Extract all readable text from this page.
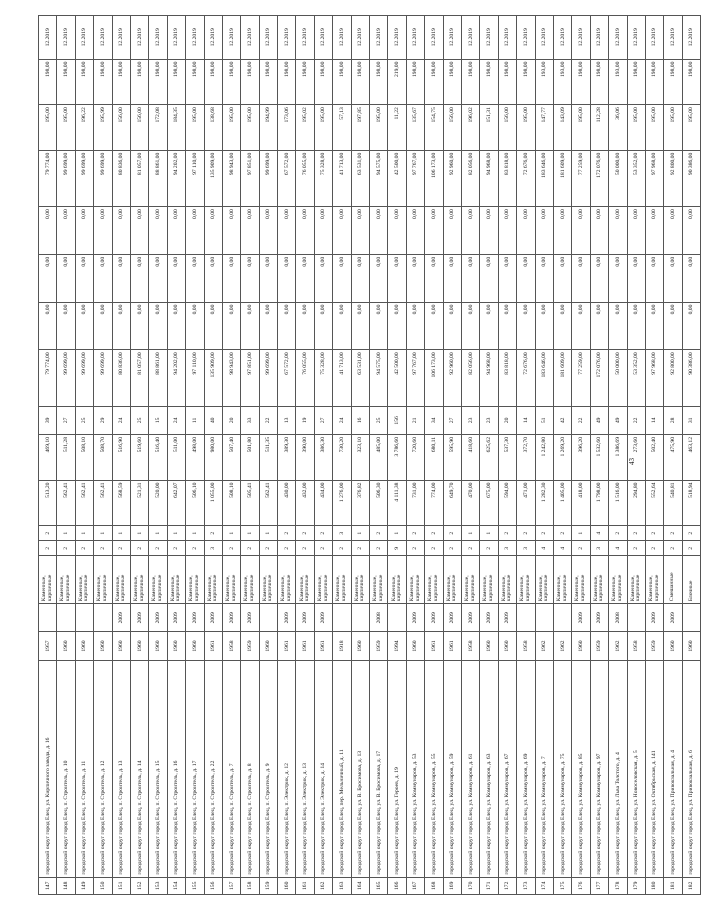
147	городской округ город Елец, ул. Кирпичного завода, д. 16	1957		Каменные, кирпичные	2	2	513,20	469,10	39	79 774,00	0,00	0,00	0,00	79 774,00	195,00	198,00	12.2019
148	городской округ город Елец, п. Строитель, д. 10	1960		Каменные, кирпичные	2	1	562,41	511,28	27	99 699,00	0,00	0,00	0,00	99 699,00	195,00	198,00	12.2019
149	городской округ город Елец, п. Строитель, д. 11	1960		Каменные, кирпичные	2	1	562,41	508,10	25	99 699,00	0,00	0,00	0,00	99 699,00	196,22	198,00	12.2019
150	городской округ город Елец, п. Строитель, д. 12	1960		Каменные, кирпичные	2	1	562,41	508,70	29	99 699,00	0,00	0,00	0,00	99 699,00	195,99	198,00	12.2019
151	городской округ город Елец, п. Строитель, д. 13	1960	2009	Каменные, кирпичные	2	1	568,59	516,90	24	80 836,00	0,00	0,00	0,00	80 836,00	156,00	198,00	12.2019
152	городской округ город Елец, п. Строитель, д. 14	1960	2009	Каменные, кирпичные	2	1	521,31	519,60	25	81 057,00	0,00	0,00	0,00	81 057,00	156,00	198,00	12.2019
153	городской округ город Елец, п. Строитель, д. 15	1960	2009	Каменные, кирпичные	2	1	520,00	516,40	15	88 861,00	0,00	0,00	0,00	88 861,00	172,08	198,00	12.2019
154	городской округ город Елец, п. Строитель, д. 16	1960	2009	Каменные, кирпичные	2	1	642,07	511,00	24	94 202,00	0,00	0,00	0,00	94 202,00	184,35	198,00	12.2019
155	городской округ город Елец, п. Строитель, д. 17	1960	2009	Каменные, кирпичные	2	1	506,10	498,00	11	97 110,00	0,00	0,00	0,00	97 110,00	195,00	198,00	12.2019
156	городской округ город Елец, п. Строитель, д. 22	1961	2009	Каменные, кирпичные	3	2	1 055,00	980,00	40	135 909,00	0,00	0,00	0,00	135 909,00	138,68	198,00	12.2019
157	городской округ город Елец, п. Строитель, д. 7	1958	2009	Каменные, кирпичные	2	1	508,10	507,40	20	98 943,00	0,00	0,00	0,00	98 943,00	195,00	198,00	12.2019
158	городской округ город Елец, п. Строитель, д. 8	1959	2009	Каменные, кирпичные	2	1	505,41	501,80	33	97 851,00	0,00	0,00	0,00	97 851,00	195,00	198,00	12.2019
159	городской округ город Елец, п. Строитель, д. 9	1960		Каменные, кирпичные	2	1	562,41	511,35	22	99 699,00	0,00	0,00	0,00	99 699,00	194,99	198,00	12.2019
160	городской округ город Елец, п. Электрик, д. 12	1961	2009	Каменные, кирпичные	2	2	430,00	389,30	13	67 572,00	0,00	0,00	0,00	67 572,00	173,06	198,00	12.2019
161	городской округ город Елец, п. Электрик, д. 13	1961	2009	Каменные, кирпичные	2	2	432,00	390,00	19	76 055,00	0,00	0,00	0,00	76 055,00	195,02	198,00	12.2019
162	городской округ город Елец, п. Электрик, д. 14	1961	2009	Каменные, кирпичные	2	2	434,00	386,30	27	75 328,00	0,00	0,00	0,00	75 328,00	195,00	198,00	12.2019
163	городской округ город Елец, пер. Мельничный, д. 11	1918		Каменные, кирпичные	2	3	1 276,00	730,20	24	41 713,00	0,00	0,00	0,00	41 713,00	57,13	198,00	12.2019
164	городской округ город Елец, ул. В. Бросимова, д. 13	1960		Каменные, кирпичные	2	1	376,82	323,10	16	63 531,00	0,00	0,00	0,00	63 531,00	197,85	198,00	12.2019
165	городской округ город Елец, ул. В. Бросимова, д. 17	1959	2008	Каменные, кирпичные	2	2	506,30	485,00	25	94 575,00	0,00	0,00	0,00	94 575,00	195,00	198,00	12.2019
166	городской округ город Елец, ул. Героев, д. 19	1994		Каменные, кирпичные	9	1	4 111,38	3 786,60	156	42 500,00	0,00	0,00	0,00	42 500,00	11,22	219,00	12.2019
167	городской округ город Елец, ул. Коммунаров, д. 53	1960	2009	Каменные, кирпичные	2	2	731,00	720,60	21	97 767,00	0,00	0,00	0,00	97 767,00	135,67	198,00	12.2019
168	городской округ город Елец, ул. Коммунаров, д. 55	1961	2009	Каменные, кирпичные	2	2	774,00	680,11	34	106 173,00	0,00	0,00	0,00	106 173,00	154,75	198,00	12.2019
169	городской округ город Елец, ул. Коммунаров, д. 59	1961	2009	Каменные, кирпичные	2	2	649,70	595,90	27	92 960,00	0,00	0,00	0,00	92 960,00	156,00	198,00	12.2019
170	городской округ город Елец, ул. Коммунаров, д. 61	1958	2009	Каменные, кирпичные	2	1	470,00	418,60	23	82 056,00	0,00	0,00	0,00	82 056,00	196,02	198,00	12.2019
171	городской округ город Елец, ул. Коммунаров, д. 63	1960	2009	Каменные, кирпичные	2	1	675,00	625,62	23	94 968,00	0,00	0,00	0,00	94 968,00	151,31	198,00	12.2019
172	городской округ город Елец, ул. Коммунаров, д. 67	1960	2009	Каменные, кирпичные	3	2	594,00	537,30	20	83 818,00	0,00	0,00	0,00	83 818,00	156,00	198,00	12.2019
173	городской округ город Елец, ул. Коммунаров, д. 69	1958		Каменные, кирпичные	3	2	471,00	372,70	14	72 676,00	0,00	0,00	0,00	72 676,00	195,00	198,00	12.2019
174	городской округ город Елец, ул. Коммунаров, д. 7	1962		Каменные, кирпичные	4	2	1 282,30	1 242,80	51	183 646,00	0,00	0,00	0,00	183 646,00	147,77	193,00	12.2019
175	городской округ город Елец, ул. Коммунаров, д. 75	1962		Каменные, кирпичные	4	2	1 405,00	1 269,20	42	181 609,00	0,00	0,00	0,00	181 609,00	143,09	193,00	12.2019
176	городской округ город Елец, ул. Коммунаров, д. 85	1960	2009	Каменные, кирпичные	2	1	418,00	396,20	22	77 259,00	0,00	0,00	0,00	77 259,00	195,00	198,00	12.2019
177	городской округ город Елец, ул. Коммунаров, д. 97	1959	2009	Каменные, кирпичные	3	4	1 798,00	1 532,60	49	172 076,00	0,00	0,00	0,00	172 076,00	112,28	198,00	12.2019
178	городской округ город Елец, ул. Льва Толстого, д. 4	1962	2008	Каменные, кирпичные	4	2	1 516,00	1 386,69	49	50 000,00	0,00	0,00	0,00	50 000,00	36,06	193,00	12.2019
179	городской округ город Елец, ул. Новоселовская, д. 5	1958		Каменные, кирпичные	2	2	294,80	273,60	22	53 352,00	0,00	0,00	0,00	53 352,00	195,00	198,00	12.2019
180	городской округ город Елец, ул. Октябрьская, д. 141	1959	2009	Каменные, кирпичные	2	2	552,64	502,40	14	97 968,00	0,00	0,00	0,00	97 968,00	195,00	198,00	12.2019
181	городской округ город Елец, ул. Привокзальная, д. 4	1960	2009	Смешанные	2	2	540,81	475,90	28	92 800,00	0,00	0,00	0,00	92 800,00	195,00	198,00	12.2019
182	городской округ город Елец, ул. Привокзальная, д. 6	1960		Блочные	2	2	518,94	463,12	31	90 386,00	0,00	0,00	0,00	90 386,00	195,00	198,00	12.2019
43
